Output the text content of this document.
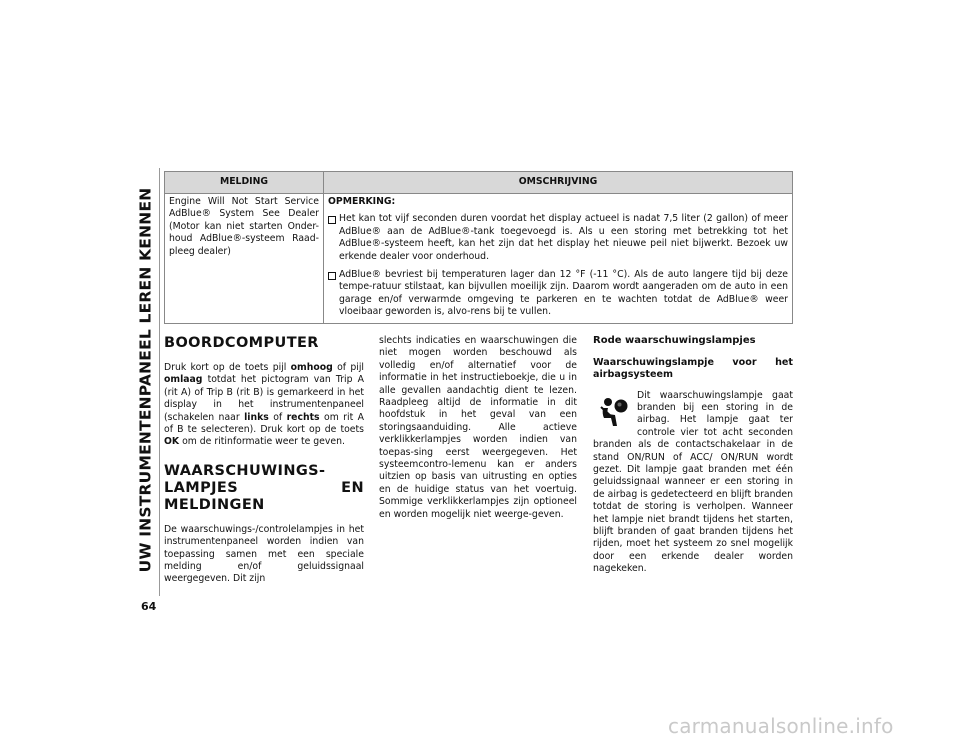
UW INSTRUMENTENPANEEL LEREN KENNEN
64
MELDING	OMSCHRIJVING
Engine Will Not Start Service AdBlue® System See Dealer (Motor kan niet starten Onder-houd AdBlue®-systeem Raad-pleeg dealer)	OPMERKING:
Het kan tot vijf seconden duren voordat het display actueel is nadat 7,5 liter (2 gallon) of meer AdBlue® aan de AdBlue®-tank toegevoegd is. Als u een storing met betrekking tot het AdBlue®-systeem heeft, kan het zijn dat het display het nieuwe peil niet bijwerkt. Bezoek uw erkende dealer voor onderhoud.
AdBlue® bevriest bij temperaturen lager dan 12 °F (-11 °C). Als de auto langere tijd bij deze tempe-ratuur stilstaat, kan bijvullen moeilijk zijn. Daarom wordt aangeraden om de auto in een garage en/of verwarmde omgeving te parkeren en te wachten totdat de AdBlue® weer vloeibaar geworden is, alvo-rens bij te vullen.
BOORDCOMPUTER

Druk kort op de toets pijl omhoog of pijl omlaag totdat het pictogram van Trip A (rit A) of Trip B (rit B) is gemarkeerd in het display in het instrumentenpaneel (schakelen naar links of rechts om rit A of B te selecteren). Druk kort op de toets OK om de ritinformatie weer te geven.

WAARSCHUWINGS-LAMPJES EN MELDINGEN

De waarschuwings-/controlelampjes in het instrumentenpaneel worden indien van toepassing samen met een speciale melding en/of geluidssignaal weergegeven. Dit zijn

slechts indicaties en waarschuwingen die niet mogen worden beschouwd als volledig en/of alternatief voor de informatie in het instructieboekje, die u in alle gevallen aandachtig dient te lezen. Raadpleeg altijd de informatie in dit hoofdstuk in het geval van een storingsaanduiding. Alle actieve verklikkerlampjes worden indien van toepas-sing eerst weergegeven. Het systeemcontro-lemenu kan er anders uitzien op basis van uitrusting en opties en de huidige status van het voertuig. Sommige verklikkerlampjes zijn optioneel en worden mogelijk niet weerge-geven.

Rode waarschuwingslampjes
Waarschuwingslampje voor het airbagsysteem

Dit waarschuwingslampje gaat branden bij een storing in de airbag. Het lampje gaat ter controle vier tot acht seconden branden als de contactschakelaar in de stand ON/RUN of ACC/ ON/RUN wordt gezet. Dit lampje gaat branden met één geluidssignaal wanneer er een storing in de airbag is gedetecteerd en blijft branden totdat de storing is verholpen. Wanneer het lampje niet brandt tijdens het starten, blijft branden of gaat branden tijdens het rijden, moet het systeem zo snel mogelijk door een erkende dealer worden nagekeken.

carmanualsonline.info
